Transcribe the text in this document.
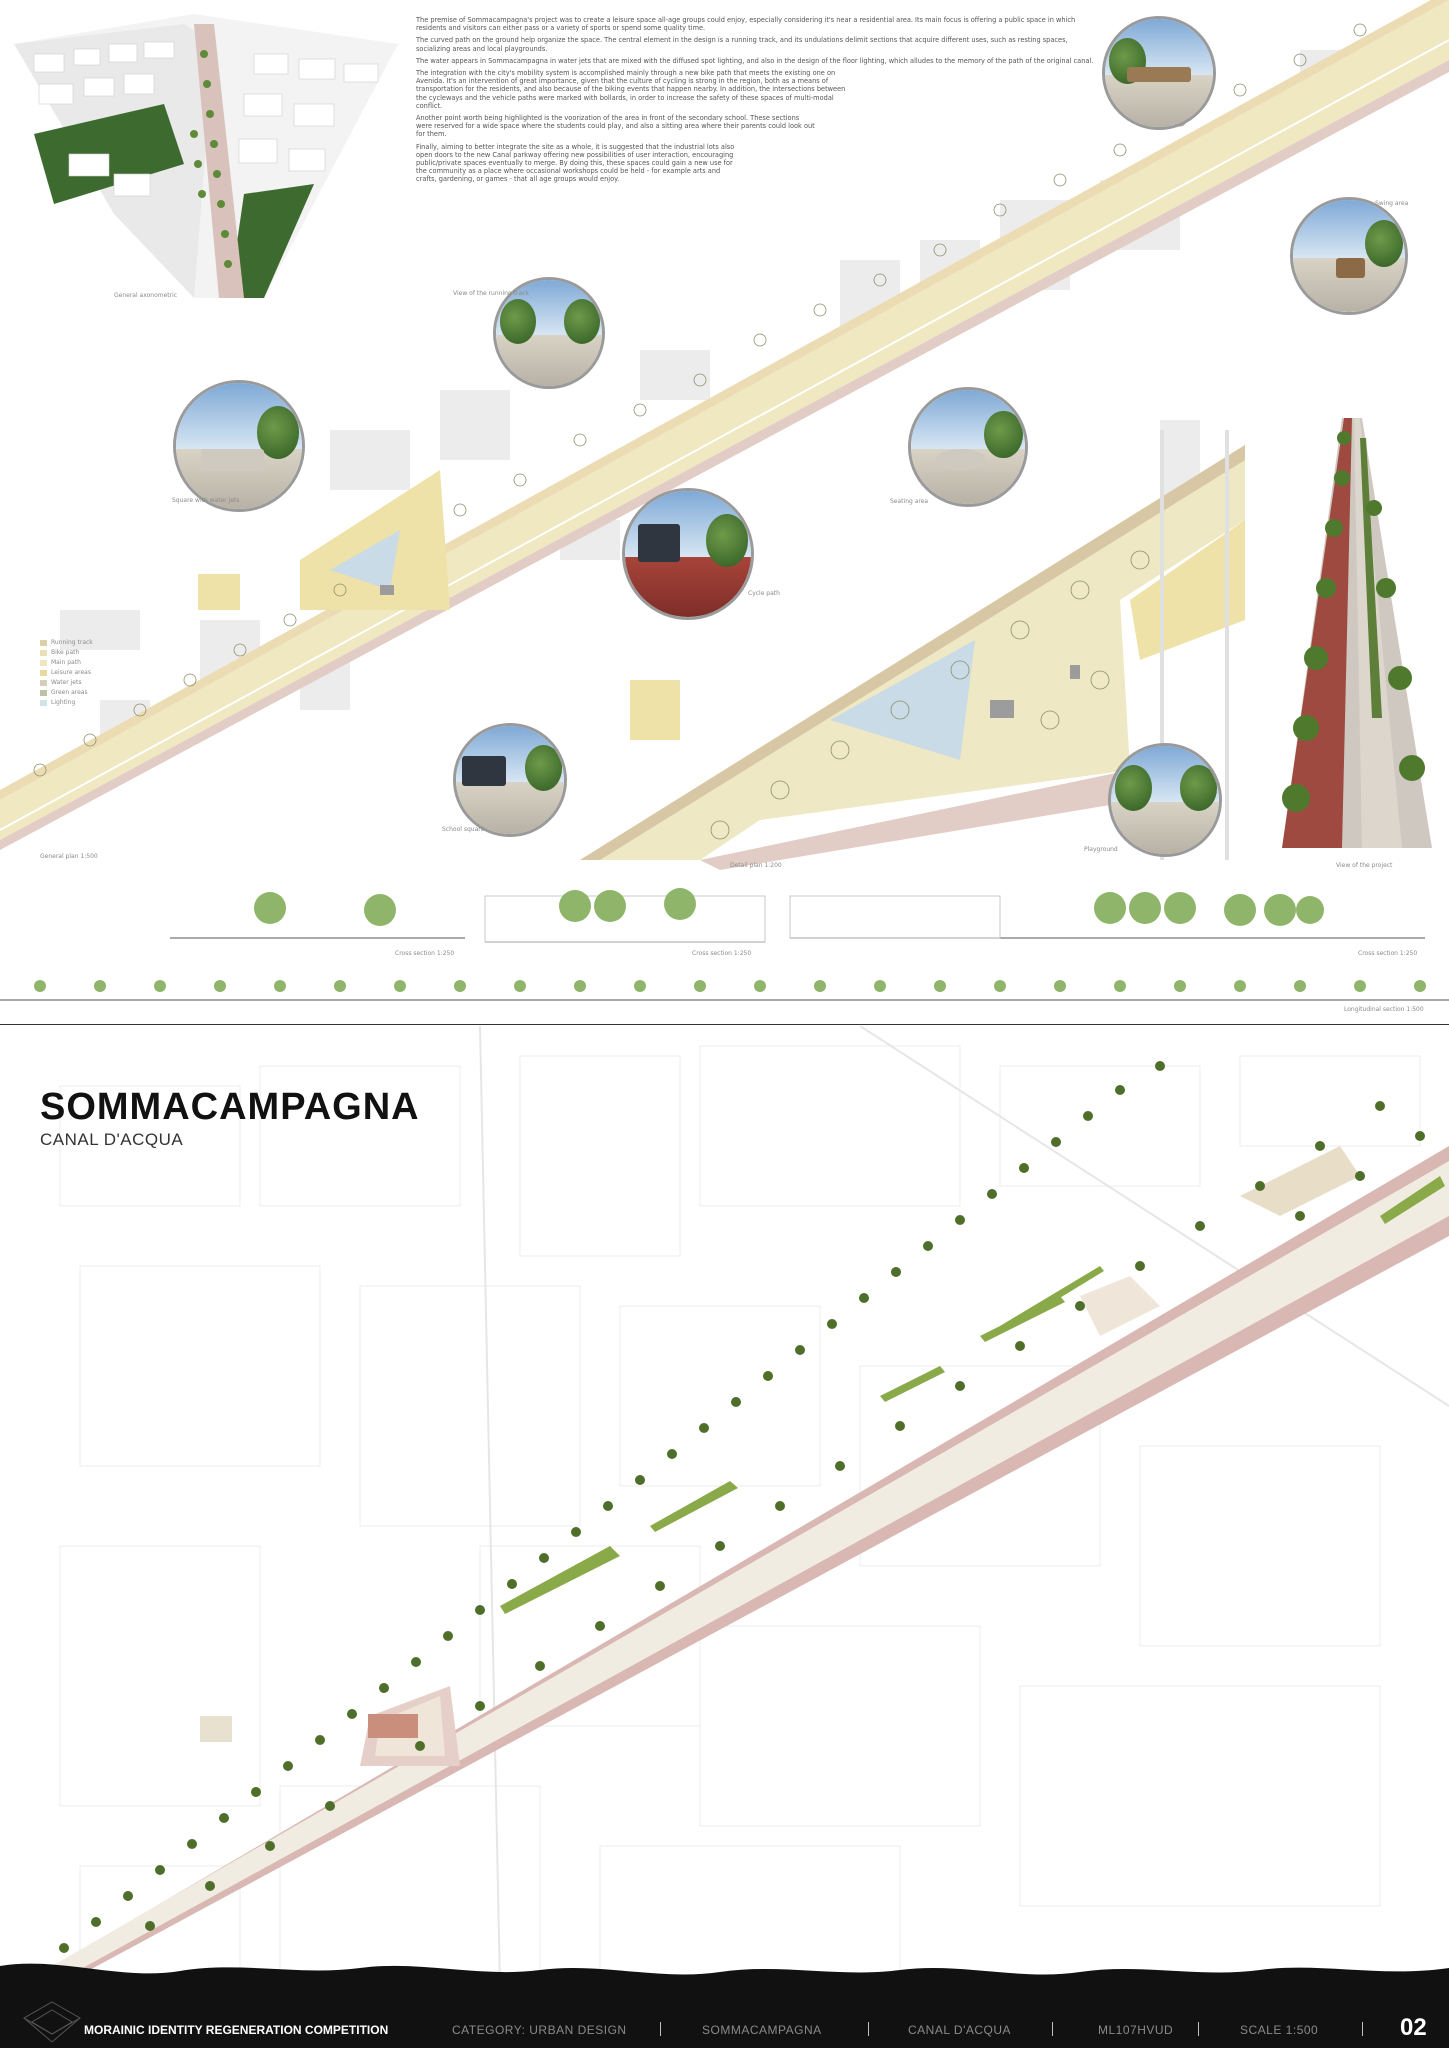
General axonometric

The premise of Sommacampagna's project was to create a leisure space all-age groups could enjoy, especially considering it's near a residential area. Its main focus is offering a public space in which residents and visitors can either pass or a variety of sports or spend some quality time.

The curved path on the ground help organize the space. The central element in the design is a running track, and its undulations delimit sections that acquire different uses, such as resting spaces, socializing areas and local playgrounds.

The water appears in Sommacampagna in water jets that are mixed with the diffused spot lighting, and also in the design of the floor lighting, which alludes to the memory of the path of the original canal.

The integration with the city's mobility system is accomplished mainly through a new bike path that meets the existing one on Avenida. It's an intervention of great importance, given that the culture of cycling is strong in the region, both as a means of transportation for the residents, and also because of the biking events that happen nearby. In addition, the intersections between the cycleways and the vehicle paths were marked with bollards, in order to increase the safety of these spaces of multi-modal conflict.

Another point worth being highlighted is the voorization of the area in front of the secondary school. These sections were reserved for a wide space where the students could play, and also a sitting area where their parents could look out for them.

Finally, aiming to better integrate the site as a whole, it is suggested that the industrial lots also open doors to the new Canal parkway offering new possibilities of user interaction, encouraging public/private spaces eventually to merge. By doing this, these spaces could gain a new use for the community as a place where occasional workshops could be held - for example arts and crafts, gardening, or games - that all age groups would enjoy.

Running track
Bike path
Main path
Leisure areas
Water jets
Green areas
Lighting
General plan 1:500
Detail plan 1:200	View of the project
View of the running track
Square with water jets
Cycle path
Seating area
Playground
Swing area
School square
Cross section 1:250	Cross section 1:250	Cross section 1:250
Longitudinal section 1:500
SOMMACAMPAGNA
CANAL D'ACQUA
MORAINIC IDENTITY REGENERATION COMPETITION	CATEGORY: URBAN DESIGN	SOMMACAMPAGNA	CANAL D'ACQUA	ML107HVUD	SCALE 1:500	02
